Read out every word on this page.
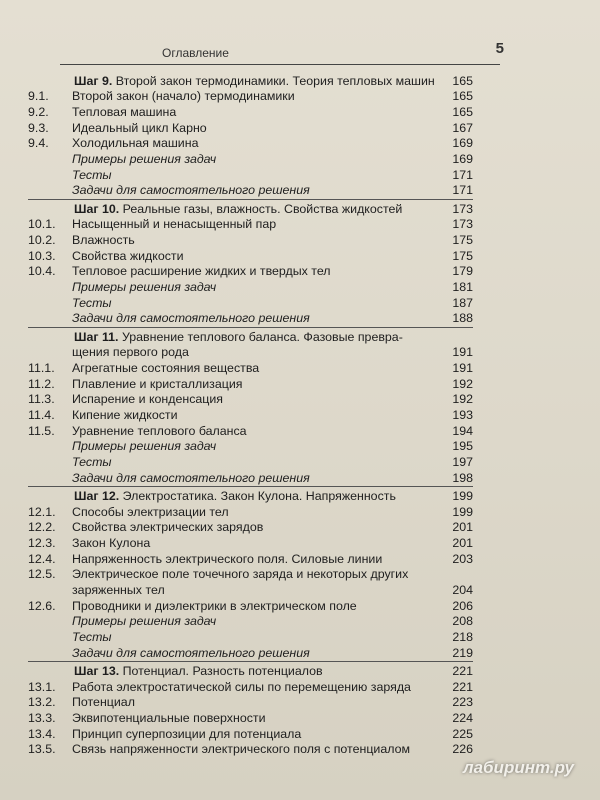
Оглавление	5
Шаг 9. Второй закон термодинамики. Теория тепловых машин 165
9.1.	Второй закон (начало) термодинамики	165
9.2.	Тепловая машина	165
9.3.	Идеальный цикл Карно	167
9.4.	Холодильная машина	169
Примеры решения задач	169
Тесты	171
Задачи для самостоятельного решения	171
Шаг 10. Реальные газы, влажность. Свойства жидкостей	173
10.1.	Насыщенный и ненасыщенный пар	173
10.2.	Влажность	175
10.3.	Свойства жидкости	175
10.4.	Тепловое расширение жидких и твердых тел	179
Примеры решения задач	181
Тесты	187
Задачи для самостоятельного решения	188
Шаг 11. Уравнение теплового баланса. Фазовые превра-
щения первого рода	191
11.1.	Агрегатные состояния вещества	191
11.2.	Плавление и кристаллизация	192
11.3.	Испарение и конденсация	192
11.4.	Кипение жидкости	193
11.5.	Уравнение теплового баланса	194
Примеры решения задач	195
Тесты	197
Задачи для самостоятельного решения	198
Шаг 12. Электростатика. Закон Кулона. Напряженность	199
12.1.	Способы электризации тел	199
12.2.	Свойства электрических зарядов	201
12.3.	Закон Кулона	201
12.4.	Напряженность электрического поля. Силовые линии	203
12.5.	Электрическое поле точечного заряда и некоторых других
заряженных тел	204
12.6.	Проводники и диэлектрики в электрическом поле	206
Примеры решения задач	208
Тесты	218
Задачи для самостоятельного решения	219
Шаг 13. Потенциал. Разность потенциалов	221
13.1.	Работа электростатической силы по перемещению заряда	221
13.2.	Потенциал	223
13.3.	Эквипотенциальные поверхности	224
13.4.	Принцип суперпозиции для потенциала	225
13.5.	Связь напряженности электрического поля с потенциалом	226
лабиринт.ру
